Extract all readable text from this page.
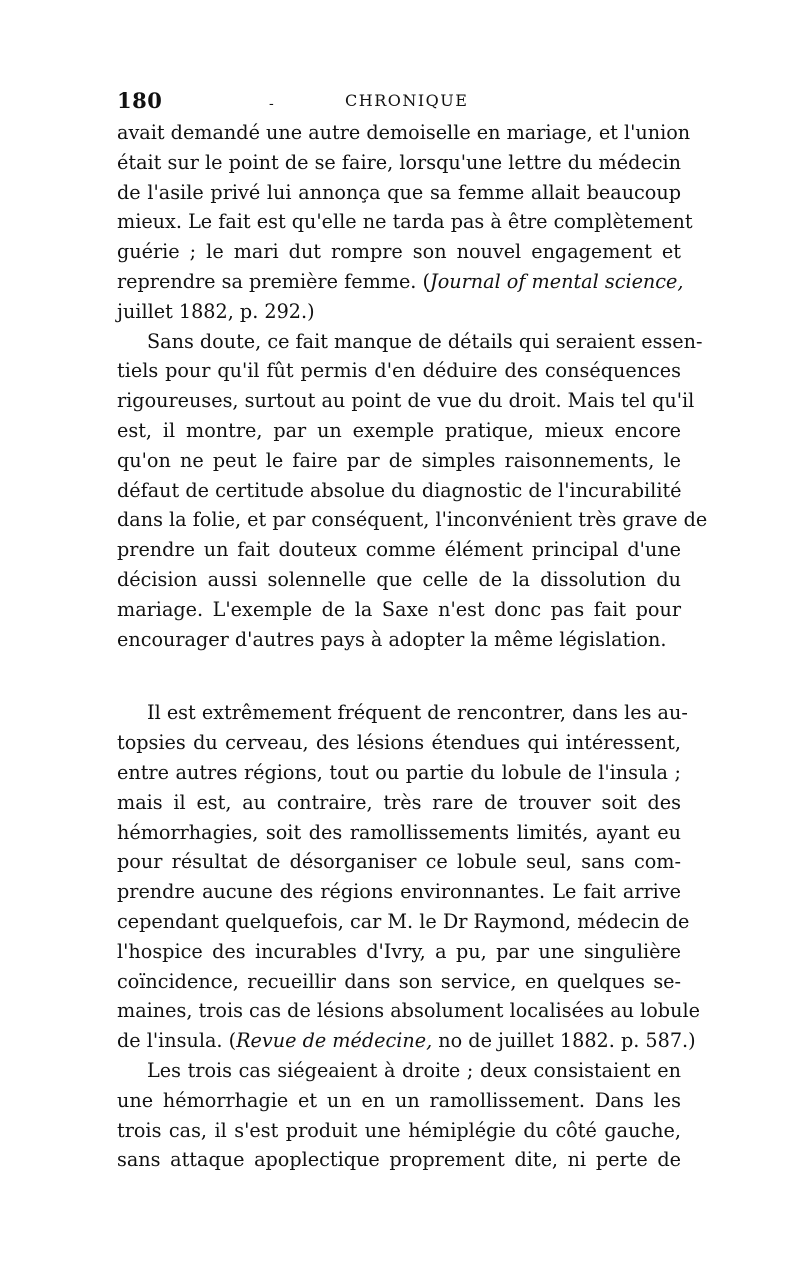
180	-	CHRONIQUE
avait demandé une autre demoiselle en mariage, et l'union
était sur le point de se faire, lorsqu'une lettre du médecin
de l'asile privé lui annonça que sa femme allait beaucoup
mieux. Le fait est qu'elle ne tarda pas à être complètement
guérie ; le mari dut rompre son nouvel engagement et
reprendre sa première femme. (Journal of mental science,
juillet 1882, p. 292.)
Sans doute, ce fait manque de détails qui seraient essen-
tiels pour qu'il fût permis d'en déduire des conséquences
rigoureuses, surtout au point de vue du droit. Mais tel qu'il
est, il montre, par un exemple pratique, mieux encore
qu'on ne peut le faire par de simples raisonnements, le
défaut de certitude absolue du diagnostic de l'incurabilité
dans la folie, et par conséquent, l'inconvénient très grave de
prendre un fait douteux comme élément principal d'une
décision aussi solennelle que celle de la dissolution du
mariage. L'exemple de la Saxe n'est donc pas fait pour
encourager d'autres pays à adopter la même législation.
Il est extrêmement fréquent de rencontrer, dans les au-
topsies du cerveau, des lésions étendues qui intéressent,
entre autres régions, tout ou partie du lobule de l'insula ;
mais il est, au contraire, très rare de trouver soit des
hémorrhagies, soit des ramollissements limités, ayant eu
pour résultat de désorganiser ce lobule seul, sans com-
prendre aucune des régions environnantes. Le fait arrive
cependant quelquefois, car M. le Dr Raymond, médecin de
l'hospice des incurables d'Ivry, a pu, par une singulière
coïncidence, recueillir dans son service, en quelques se-
maines, trois cas de lésions absolument localisées au lobule
de l'insula. (Revue de médecine, no de juillet 1882. p. 587.)
Les trois cas siégeaient à droite ; deux consistaient en
une hémorrhagie et un en un ramollissement. Dans les
trois cas, il s'est produit une hémiplégie du côté gauche,
sans attaque apoplectique proprement dite, ni perte de
